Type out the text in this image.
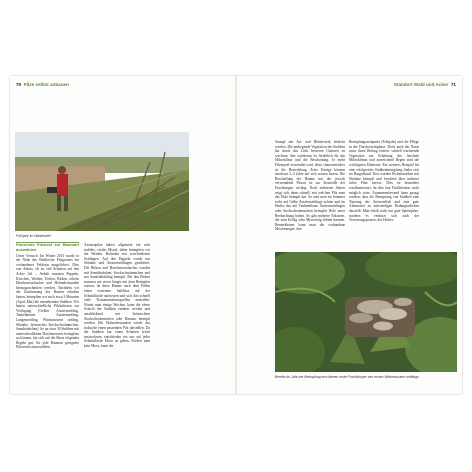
70 Pilze selbst anbauen
Frühjahr im Waldrevier!
Passende Pilzkost zur Baumart auswählen
Unser Versuch: Im Winter 2013 wurde in der Nähe des Waldrevier Pilzgartens ein vorhandener Feldrain ausgelichtet. Dies war Anlass, ob zu viel Schatten auf den Acker fiel – Anhalt mussten Pappeln, Kirschen, Weiden, Eichen, Birken, etliche Haselnusssträucher und Holunderstauden herausgeschnitten werden. Nachdem wir die Zustimmung des Bauern erhalten hatten, beimpften wir noch etwa 3 Monaten (April–Mai) die entstehenden Stubben. Wir hatten unterschiedliche Pilzkulturen zur Verfügung (Gelber Austernseitling, Taubenblauer Austernseitling, Lungenseitling, Winteraustern seitling, Shiitake, heimisches Stockschwämmchen, Samthäubchen). So an etwa 30 Stubben mit unterschiedlichen Durchmessern beimpften zu können, hat sich auf der Basis folgender Regeln gut, für jede Baumart geeignete Pilzsorten auszuwählen.
Austernpilze haben allgemein ein sehr stabiles, vitales Myzel, daher beimpften wir die Weiden, Holunder mit verschiedenen Seitlingen. Auf den Pappeln wurde mit Shiitake und Austernseitlingen gearbeitet. Die Birken und Haselnusssträucher wurden mit Samthäubchen, Stockschwämmchen und mit Samtfußrübling beimpft. Bei den Birken mussten wir etwas länger mit dem Beimpfen warten, da diese Bäume nach dem Fällen einen extremen Saftfluss auf der Schnittfläche aufweisen und sich dort schnell viele Kontaminationsquellen ansiedeln. Wartet man einige Wochen, kann die obere Schicht der Stubben entfernt werden und anschließend mit heimischem Stockschwämmchen oder Hamato beimpft werden. Bei Holunderstauden würde das Judasohr einen passenden Pilz darstellen. Da die Stubben nur einen Schatten leicht austrocknen, entschieden wir uns auf jeder Schnittfläche Moos zu geben. Fördert man kein Moos, kann der
Standort Wald und Acker 71
Stumpf mit Ast- und Blätterwerk bedeckt werden. Die umliegende Vegetation der Stubben hat durch das Licht besseren Chancen zu wachsen, dies wiederum ist förderlich für das Mikroklima und die Beschattung. Je mehr Pilzmyzel verwendet wird, desto chancenreicher ist die Besiedelung. Erste Erträge können durchaus 2–3 Jahre auf sich warten lassen. Die Beschaffung der Bäume mit der jeweils verwendeten Pilzart ist zur Kontrolle der Fruchtungen wichtig. Nach mehreren Jahren zeigt sich dann schnell, mit welchen Pilz man das Holz beimpft hat. So sind man im Sommer recht auf Gelbe Austernseitlinge achten und im Herbst das mit Taubenblauer Austernseitlingen oder Stockschwämmchen beimpfte Holz unter Beobachtung halten. So gibt mehrere Faktoren, die zum Erfolg oder Misserfolg führen können. Bemerkbaren kann man die vorhandene Mischenergie, den
Beimpfungszeitpunkt (Frühjahr) und die Pflege in der Durchwachsphase. Doch auch der Natur muss ihren Beitrag leisten: schnell wachsende Vegetation zur Erhaltung des feuchten Mikroklimas und ausreichend Regen sind die wichtigsten Elemente. Ein weiteres Beispiel für eine erfolgreiche Stubbenbeimpfung findet sich im Burgenland. Dort wurden Eichenstubben mit Shiitake beimpft und brachten über mehrere Jahre Pilze hervor. Dies ist besonders erwähnenswert, da dies laut Fachliteratur nicht möglich wäre. Zusammenfassend kann gesagt werden, dass die Beimpfung von Stubben eine Nutzung der Artenvielfalt und eine gute Alternative zu aufwendigen Rodungsarbeiten darstellt. Man erhält nicht nur gute Speisepilze, sondern es verkürzt sich auch der Verrottungsprozess des Holzes.
Bereits im Jahr der Beimpfung erschienen erste Fruchtkörper des ersten Winteraustern seitlings
